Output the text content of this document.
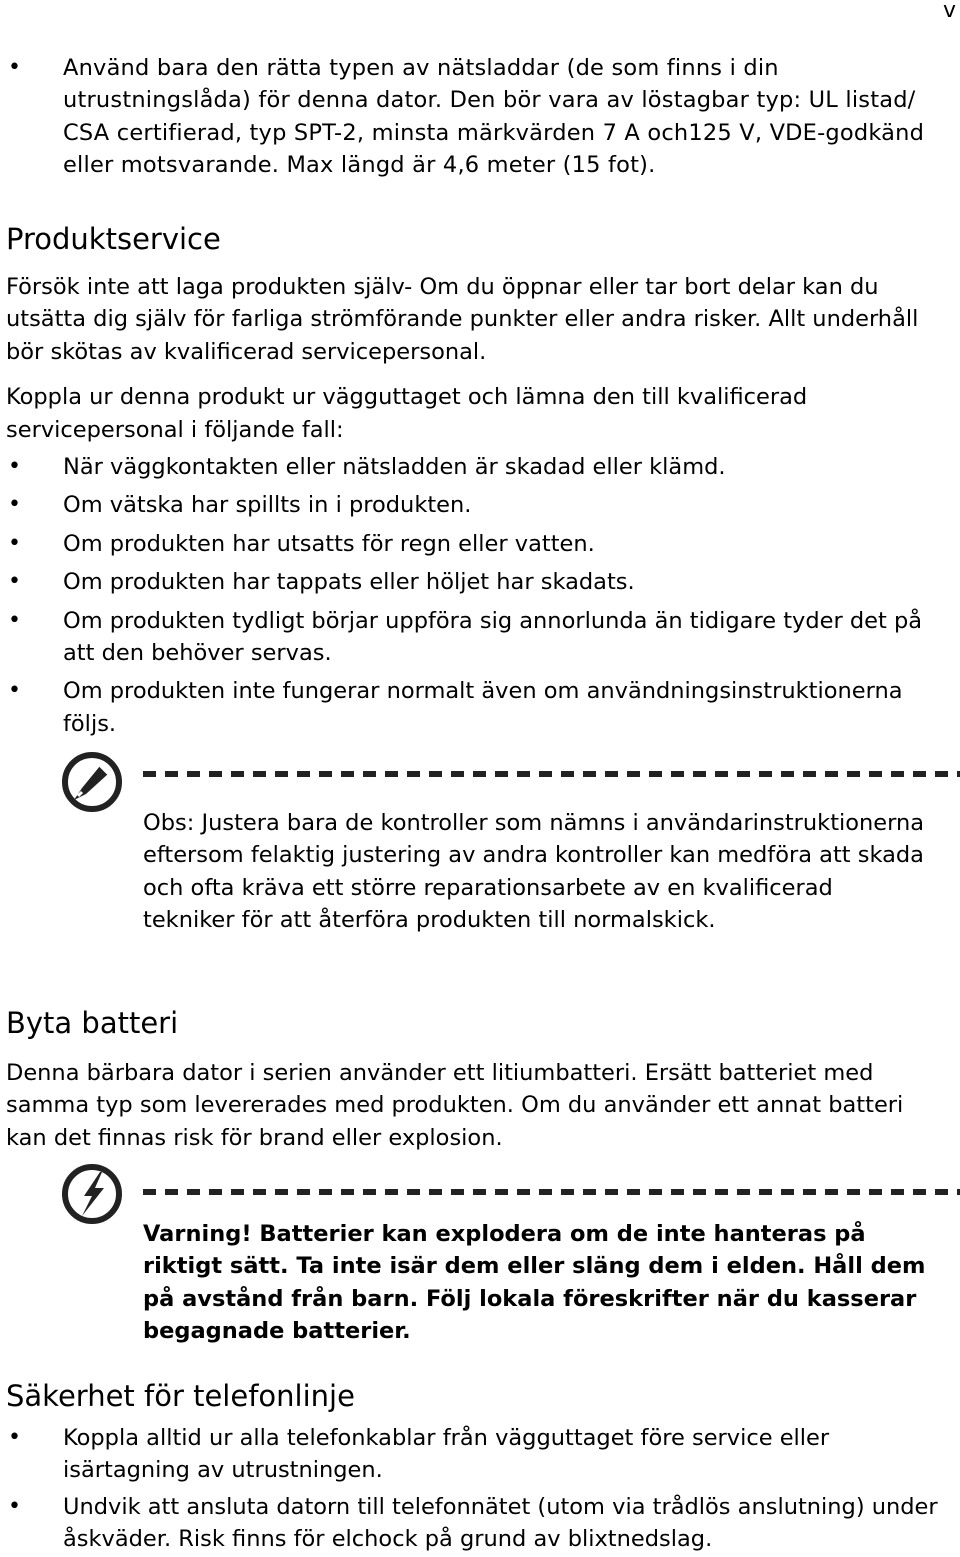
v
• Använd bara den rätta typen av nätsladdar (de som finns i din utrustningslåda) för denna dator. Den bör vara av löstagbar typ: UL listad/ CSA certifierad, typ SPT-2, minsta märkvärden 7 A och125 V, VDE-godkänd eller motsvarande. Max längd är 4,6 meter (15 fot).
Produktservice

Försök inte att laga produkten själv- Om du öppnar eller tar bort delar kan du utsätta dig själv för farliga strömförande punkter eller andra risker. Allt underhåll bör skötas av kvalificerad servicepersonal.

Koppla ur denna produkt ur vägguttaget och lämna den till kvalificerad servicepersonal i följande fall:

• När väggkontakten eller nätsladden är skadad eller klämd.
• Om vätska har spillts in i produkten.
• Om produkten har utsatts för regn eller vatten.
• Om produkten har tappats eller höljet har skadats.
• Om produkten tydligt börjar uppföra sig annorlunda än tidigare tyder det på att den behöver servas.
• Om produkten inte fungerar normalt även om användningsinstruktionerna följs.
Obs: Justera bara de kontroller som nämns i användarinstruktionerna eftersom felaktig justering av andra kontroller kan medföra att skada och ofta kräva ett större reparationsarbete av en kvalificerad tekniker för att återföra produkten till normalskick.
Byta batteri

Denna bärbara dator i serien använder ett litiumbatteri. Ersätt batteriet med samma typ som levererades med produkten. Om du använder ett annat batteri kan det finnas risk för brand eller explosion.

Varning! Batterier kan explodera om de inte hanteras på riktigt sätt. Ta inte isär dem eller släng dem i elden. Håll dem på avstånd från barn. Följ lokala föreskrifter när du kasserar begagnade batterier.
Säkerhet för telefonlinje
• Koppla alltid ur alla telefonkablar från vägguttaget före service eller isärtagning av utrustningen.
• Undvik att ansluta datorn till telefonnätet (utom via trådlös anslutning) under åskväder. Risk finns för elchock på grund av blixtnedslag.
